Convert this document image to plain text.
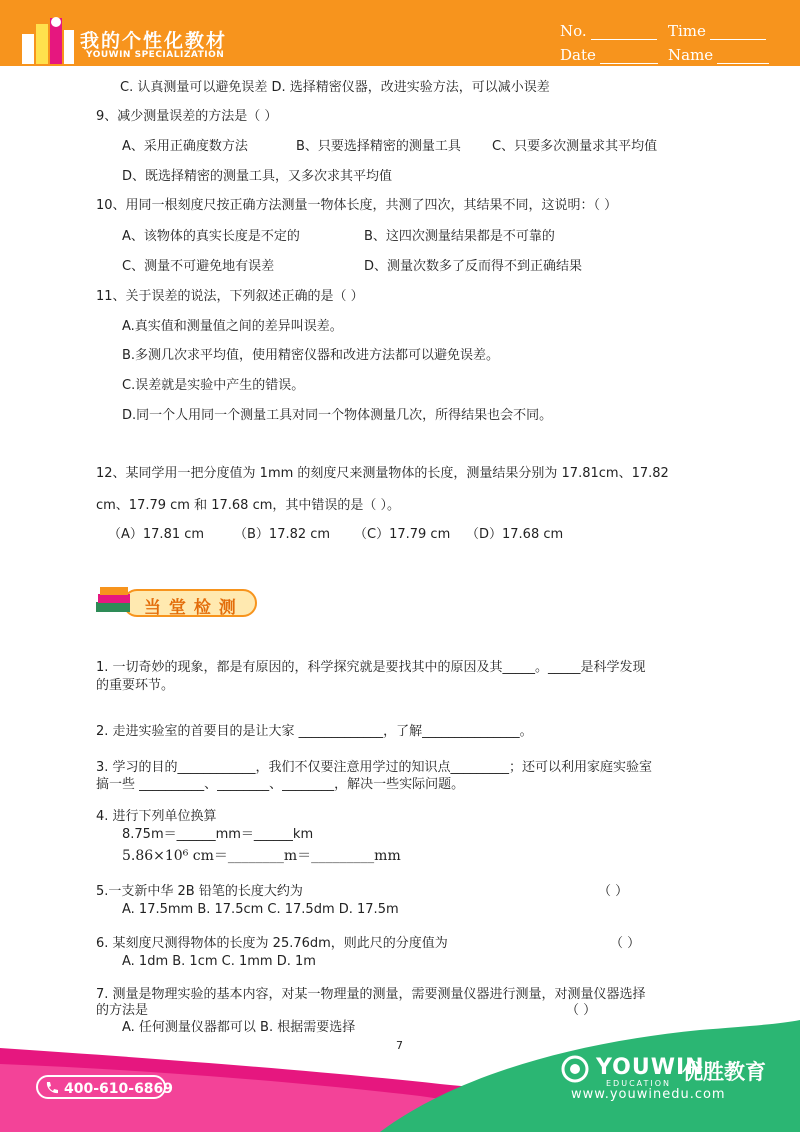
我的个性化教材
YOUWIN SPECIALIZATION
No.	Time
Date	Name
C. 认真测量可以避免误差 D. 选择精密仪器，改进实验方法，可以减小误差
9、减少测量误差的方法是（ ）
A、采用正确度数方法	B、只要选择精密的测量工具 C、只要多次测量求其平均值
D、既选择精密的测量工具，又多次求其平均值
10、用同一根刻度尺按正确方法测量一物体长度，共测了四次，其结果不同，这说明：（ ）
A、该物体的真实长度是不定的	B、这四次测量结果都是不可靠的
C、测量不可避免地有误差	D、测量次数多了反而得不到正确结果
11、关于误差的说法，下列叙述正确的是（ ）
A.真实值和测量值之间的差异叫误差。
B.多测几次求平均值，使用精密仪器和改进方法都可以避免误差。
C.误差就是实验中产生的错误。
D.同一个人用同一个测量工具对同一个物体测量几次，所得结果也会不同。
12、某同学用一把分度值为 1mm 的刻度尺来测量物体的长度，测量结果分别为 17.81cm、17.82
cm、17.79 cm 和 17.68 cm，其中错误的是（ ）。
（A）17.81 cm （B）17.82 cm （C）17.79 cm （D）17.68 cm
当 堂 检 测
1. 一切奇妙的现象，都是有原因的，科学探究就是要找其中的原因及其_____。_____是科学发现
的重要环节。
2. 走进实验室的首要目的是让大家 _____________，了解_______________。
3. 学习的目的____________，我们不仅要注意用学过的知识点_________；还可以利用家庭实验室
搞一些 __________、________、________，解决一些实际问题。
4. 进行下列单位换算
8.75m＝______mm＝______km
5.86×10⁶ cm＝________m＝_________mm
5.一支新中华 2B 铅笔的长度大约为	（ ）
A. 17.5mm B. 17.5cm C. 17.5dm D. 17.5m
6. 某刻度尺测得物体的长度为 25.76dm，则此尺的分度值为	（ ）
A. 1dm B. 1cm C. 1mm D. 1m
7. 测量是物理实验的基本内容，对某一物理量的测量，需要测量仪器进行测量，对测量仪器选择
的方法是	（ ）
A. 任何测量仪器都可以 B. 根据需要选择
7
400-610-6869
YOUWIN
优胜教育
EDUCATION
www.youwinedu.com
